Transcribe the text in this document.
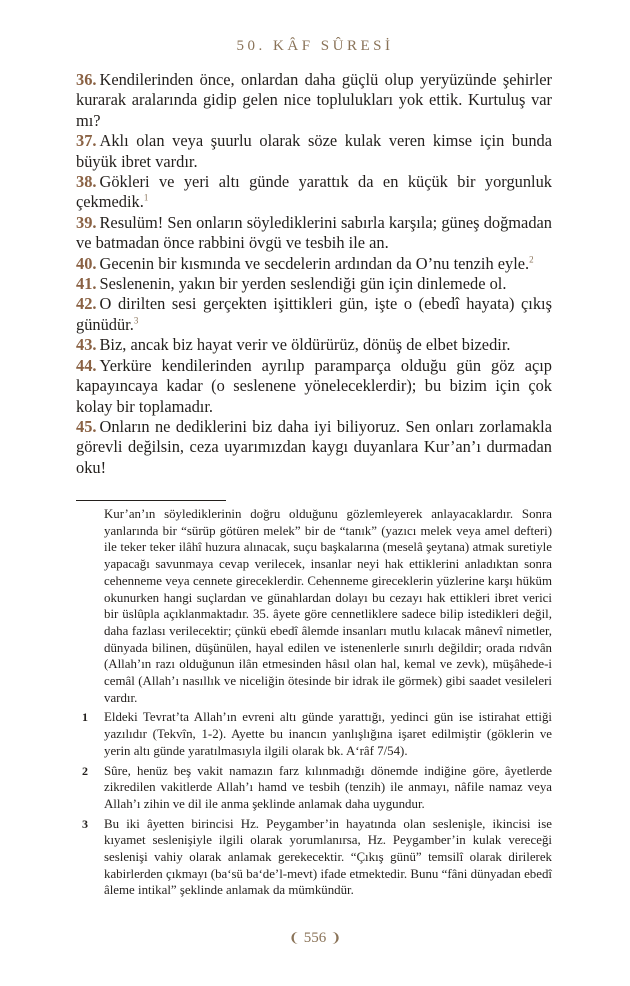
50. KÂF SÛRESİ

36. Kendilerinden önce, onlardan daha güçlü olup yeryüzünde şehirler kurarak aralarında gidip gelen nice toplulukları yok ettik. Kurtuluş var mı?

37. Aklı olan veya şuurlu olarak söze kulak veren kimse için bunda büyük ibret vardır.

38. Gökleri ve yeri altı günde yarattık da en küçük bir yorgunluk çekmedik.$^1$

39. Resulüm! Sen onların söylediklerini sabırla karşıla; güneş doğmadan ve batmadan önce rabbini övgü ve tesbih ile an.

40. Gecenin bir kısmında ve secdelerin ardından da O’nu tenzih eyle.$^2$

41. Seslenenin, yakın bir yerden seslendiği gün için dinlemede ol.

42. O dirilten sesi gerçekten işittikleri gün, işte o (ebedî hayata) çıkış günüdür.$^3$

43. Biz, ancak biz hayat verir ve öldürürüz, dönüş de elbet bizedir.

44. Yerküre kendilerinden ayrılıp paramparça olduğu gün göz açıp kapayıncaya kadar (o seslenene yöneleceklerdir); bu bizim için çok kolay bir toplamadır.

45. Onların ne dediklerini biz daha iyi biliyoruz. Sen onları zorlamakla görevli değilsin, ceza uyarımızdan kaygı duyanlara Kur’an’ı durmadan oku!

Kur’an’ın söylediklerinin doğru olduğunu gözlemleyerek anlayacaklardır. Sonra yanlarında bir “sürüp götüren melek” bir de “tanık” (yazıcı melek veya amel defteri) ile teker teker ilâhî huzura alınacak, suçu başkalarına (meselâ şeytana) atmak suretiyle yapacağı savunmaya cevap verilecek, insanlar neyi hak ettiklerini anladıktan sonra cehenneme veya cennete gireceklerdir. Cehenneme gireceklerin yüzlerine karşı hüküm okunurken hangi suçlardan ve günahlardan dolayı bu cezayı hak ettikleri ibret verici bir üslûpla açıklanmaktadır. 35. âyete göre cennetliklere sadece bilip istedikleri değil, daha fazlası verilecektir; çünkü ebedî âlemde insanları mutlu kılacak mânevî nimetler, dünyada bilinen, düşünülen, hayal edilen ve istenenlerle sınırlı değildir; orada rıdvân (Allah’ın razı olduğunun ilân etmesinden hâsıl olan hal, kemal ve zevk), müşâhede-i cemâl (Allah’ı nasıllık ve niceliğin ötesinde bir idrak ile görmek) gibi saadet vesileleri vardır.

1 Eldeki Tevrat’ta Allah’ın evreni altı günde yarattığı, yedinci gün ise istirahat ettiği yazılıdır (Tekvîn, 1-2). Ayette bu inancın yanlışlığına işaret edilmiştir (göklerin ve yerin altı günde yaratılmasıyla ilgili olarak bk. A‘râf 7/54).

2 Sûre, henüz beş vakit namazın farz kılınmadığı dönemde indiğine göre, âyetlerde zikredilen vakitlerde Allah’ı hamd ve tesbih (tenzih) ile anmayı, nâfile namaz veya Allah’ı zihin ve dil ile anma şeklinde anlamak daha uygundur.

3 Bu iki âyetten birincisi Hz. Peygamber’in hayatında olan seslenişle, ikincisi ise kıyamet seslenişiyle ilgili olarak yorumlanırsa, Hz. Peygamber’in kulak vereceği seslenişi vahiy olarak anlamak gerekecektir. “Çıkış günü” temsilî olarak dirilerek kabirlerden çıkmayı (ba‘sü ba‘de’l-mevt) ifade etmektedir. Bunu “fâni dünyadan ebedî âleme intikal” şeklinde anlamak da mümkündür.

❨ 556 ❩
